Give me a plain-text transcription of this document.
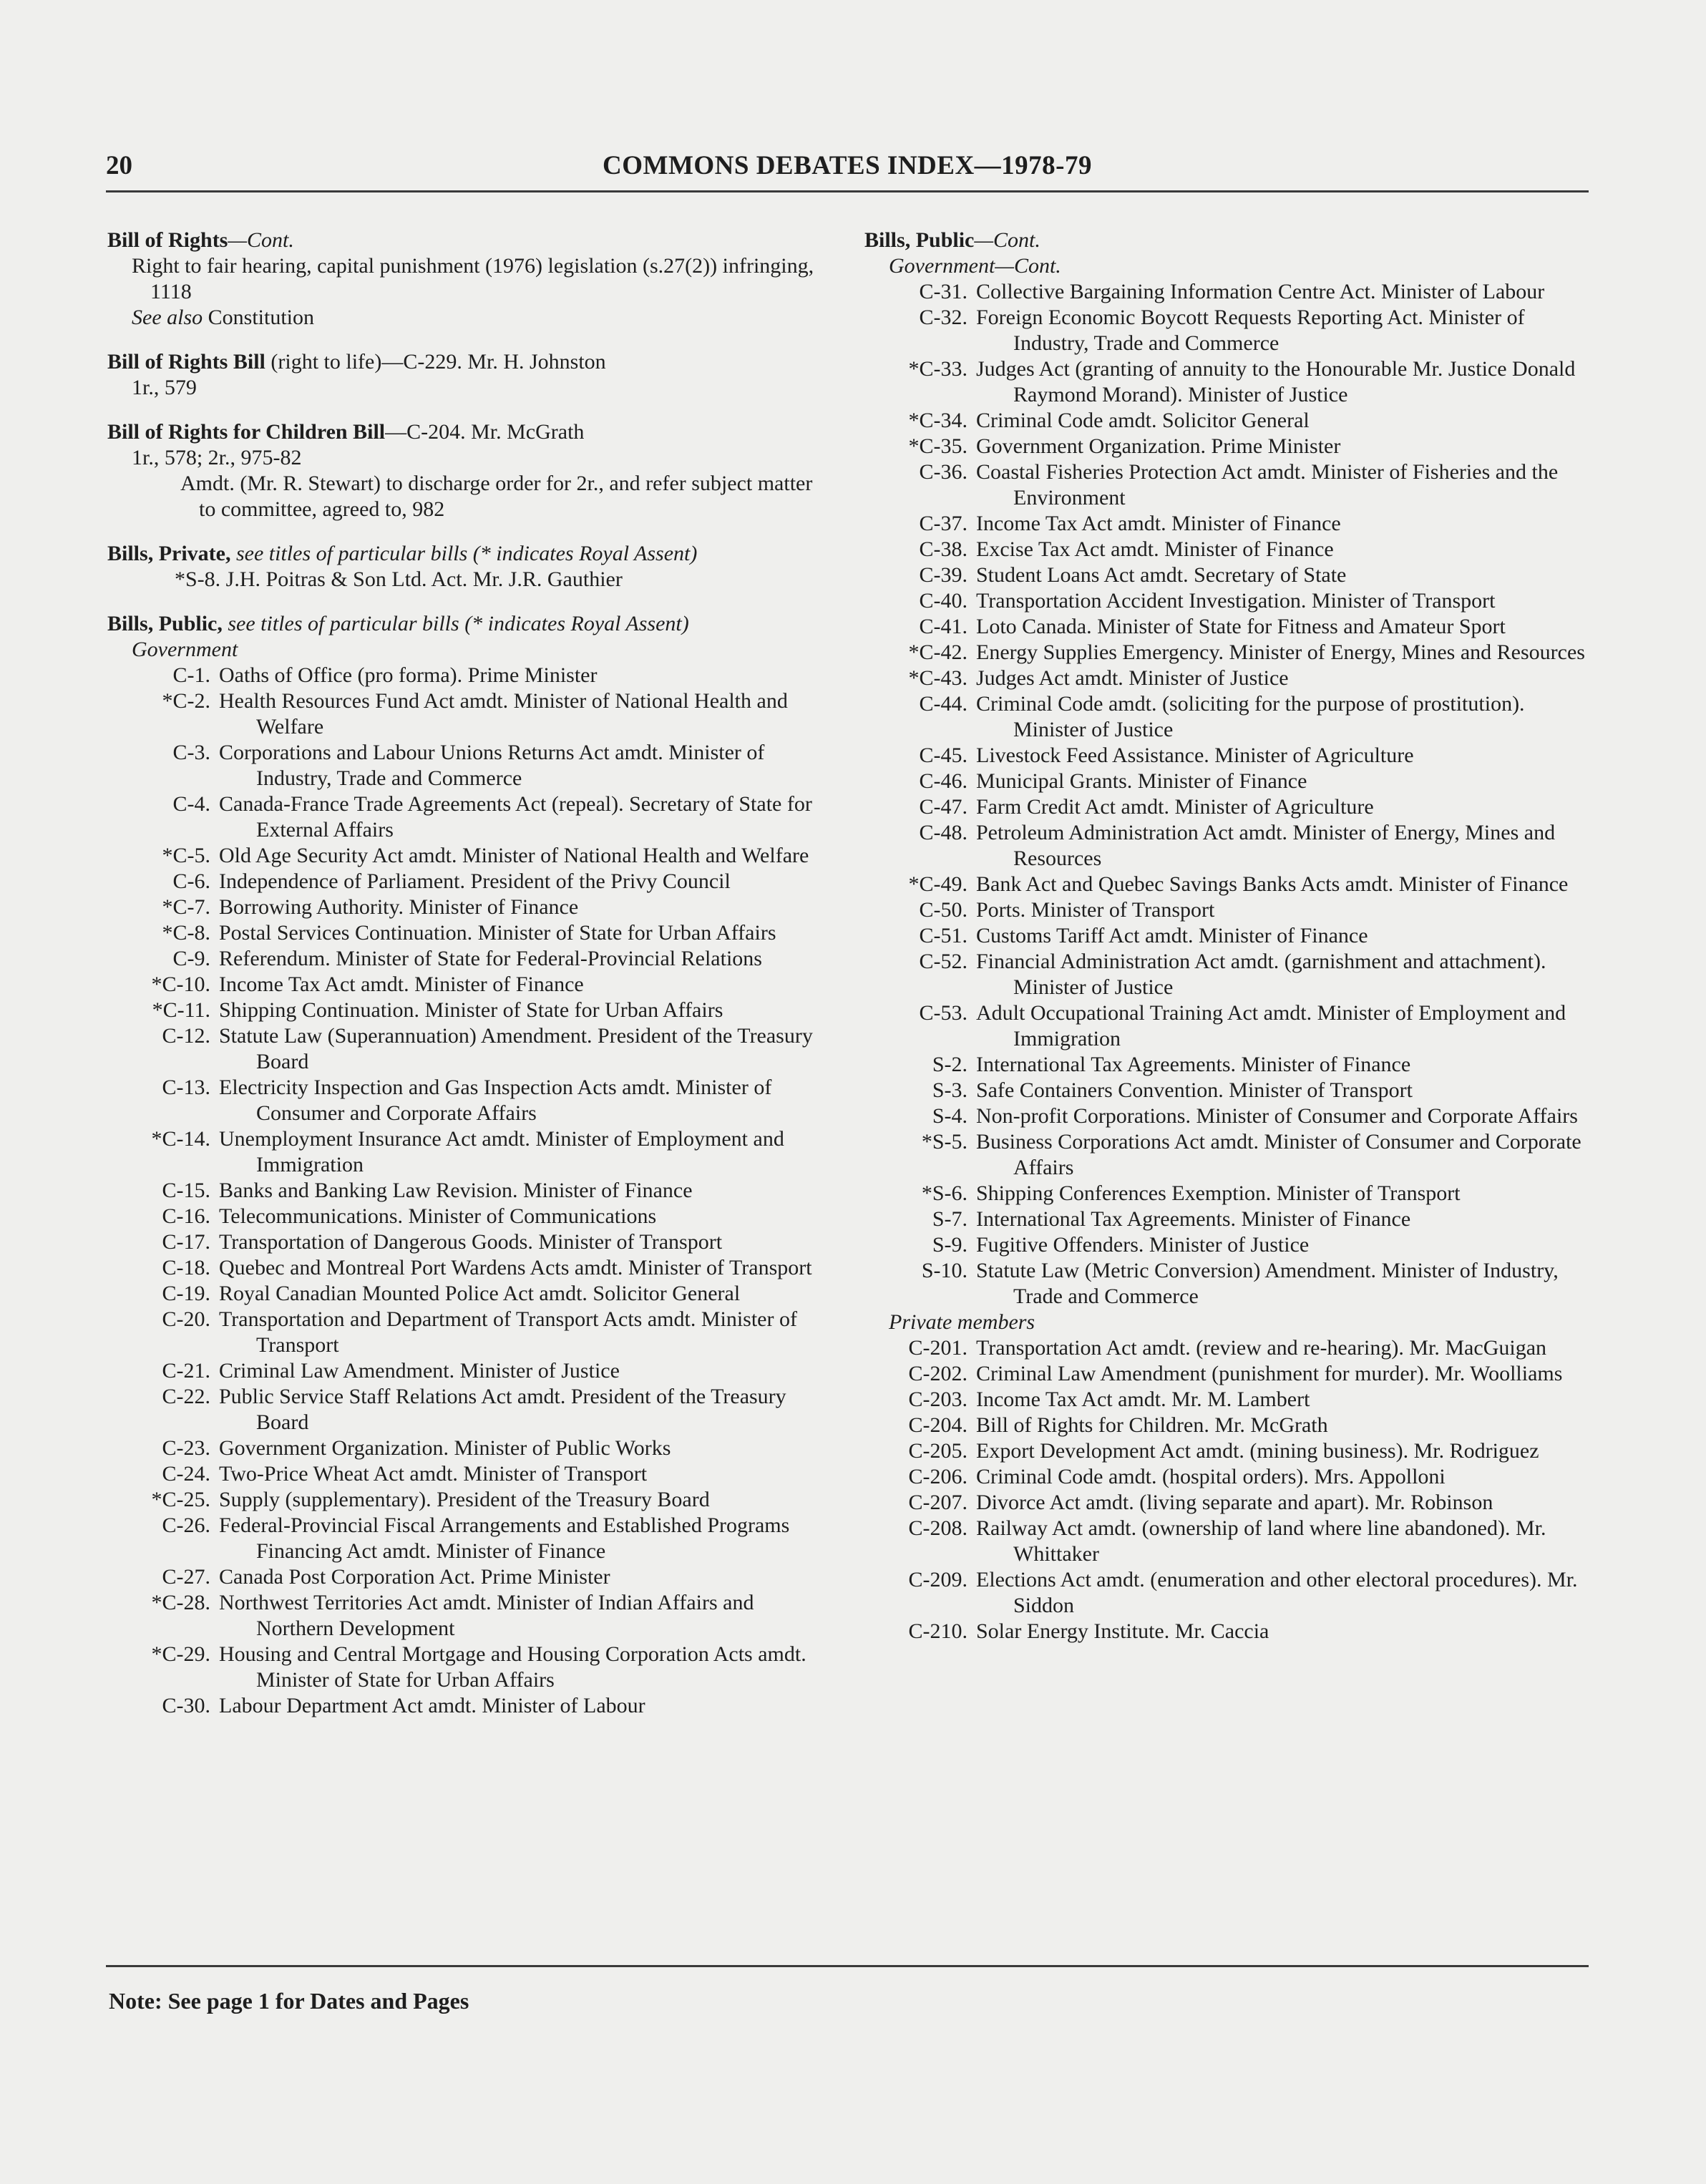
20	COMMONS DEBATES INDEX—1978-79
Bill of Rights—Cont.
Right to fair hearing, capital punishment (1976) legislation (s.27(2)) infringing, 1118
See also Constitution
Bill of Rights Bill (right to life)—C-229. Mr. H. Johnston
1r., 579
Bill of Rights for Children Bill—C-204. Mr. McGrath
1r., 578; 2r., 975-82
Amdt. (Mr. R. Stewart) to discharge order for 2r., and refer subject matter to committee, agreed to, 982
Bills, Private, see titles of particular bills (* indicates Royal Assent)
*S-8. J.H. Poitras & Son Ltd. Act. Mr. J.R. Gauthier
Bills, Public, see titles of particular bills (* indicates Royal Assent)
Government
C-1. Oaths of Office (pro forma). Prime Minister
*C-2. Health Resources Fund Act amdt. Minister of National Health and Welfare
C-3. Corporations and Labour Unions Returns Act amdt. Minister of Industry, Trade and Commerce
C-4. Canada-France Trade Agreements Act (repeal). Secretary of State for External Affairs
*C-5. Old Age Security Act amdt. Minister of National Health and Welfare
C-6. Independence of Parliament. President of the Privy Council
*C-7. Borrowing Authority. Minister of Finance
*C-8. Postal Services Continuation. Minister of State for Urban Affairs
C-9. Referendum. Minister of State for Federal-Provincial Relations
*C-10. Income Tax Act amdt. Minister of Finance
*C-11. Shipping Continuation. Minister of State for Urban Affairs
C-12. Statute Law (Superannuation) Amendment. President of the Treasury Board
C-13. Electricity Inspection and Gas Inspection Acts amdt. Minister of Consumer and Corporate Affairs
*C-14. Unemployment Insurance Act amdt. Minister of Employment and Immigration
C-15. Banks and Banking Law Revision. Minister of Finance
C-16. Telecommunications. Minister of Communications
C-17. Transportation of Dangerous Goods. Minister of Transport
C-18. Quebec and Montreal Port Wardens Acts amdt. Minister of Transport
C-19. Royal Canadian Mounted Police Act amdt. Solicitor General
C-20. Transportation and Department of Transport Acts amdt. Minister of Transport
C-21. Criminal Law Amendment. Minister of Justice
C-22. Public Service Staff Relations Act amdt. President of the Treasury Board
C-23. Government Organization. Minister of Public Works
C-24. Two-Price Wheat Act amdt. Minister of Transport
*C-25. Supply (supplementary). President of the Treasury Board
C-26. Federal-Provincial Fiscal Arrangements and Established Programs Financing Act amdt. Minister of Finance
C-27. Canada Post Corporation Act. Prime Minister
*C-28. Northwest Territories Act amdt. Minister of Indian Affairs and Northern Development
*C-29. Housing and Central Mortgage and Housing Corporation Acts amdt. Minister of State for Urban Affairs
C-30. Labour Department Act amdt. Minister of Labour
Bills, Public—Cont.
Government—Cont.
C-31. Collective Bargaining Information Centre Act. Minister of Labour
C-32. Foreign Economic Boycott Requests Reporting Act. Minister of Industry, Trade and Commerce
*C-33. Judges Act (granting of annuity to the Honourable Mr. Justice Donald Raymond Morand). Minister of Justice
*C-34. Criminal Code amdt. Solicitor General
*C-35. Government Organization. Prime Minister
C-36. Coastal Fisheries Protection Act amdt. Minister of Fisheries and the Environment
C-37. Income Tax Act amdt. Minister of Finance
C-38. Excise Tax Act amdt. Minister of Finance
C-39. Student Loans Act amdt. Secretary of State
C-40. Transportation Accident Investigation. Minister of Transport
C-41. Loto Canada. Minister of State for Fitness and Amateur Sport
*C-42. Energy Supplies Emergency. Minister of Energy, Mines and Resources
*C-43. Judges Act amdt. Minister of Justice
C-44. Criminal Code amdt. (soliciting for the purpose of prostitution). Minister of Justice
C-45. Livestock Feed Assistance. Minister of Agriculture
C-46. Municipal Grants. Minister of Finance
C-47. Farm Credit Act amdt. Minister of Agriculture
C-48. Petroleum Administration Act amdt. Minister of Energy, Mines and Resources
*C-49. Bank Act and Quebec Savings Banks Acts amdt. Minister of Finance
C-50. Ports. Minister of Transport
C-51. Customs Tariff Act amdt. Minister of Finance
C-52. Financial Administration Act amdt. (garnishment and attachment). Minister of Justice
C-53. Adult Occupational Training Act amdt. Minister of Employment and Immigration
S-2. International Tax Agreements. Minister of Finance
S-3. Safe Containers Convention. Minister of Transport
S-4. Non-profit Corporations. Minister of Consumer and Corporate Affairs
*S-5. Business Corporations Act amdt. Minister of Consumer and Corporate Affairs
*S-6. Shipping Conferences Exemption. Minister of Transport
S-7. International Tax Agreements. Minister of Finance
S-9. Fugitive Offenders. Minister of Justice
S-10. Statute Law (Metric Conversion) Amendment. Minister of Industry, Trade and Commerce
Private members
C-201. Transportation Act amdt. (review and re-hearing). Mr. MacGuigan
C-202. Criminal Law Amendment (punishment for murder). Mr. Woolliams
C-203. Income Tax Act amdt. Mr. M. Lambert
C-204. Bill of Rights for Children. Mr. McGrath
C-205. Export Development Act amdt. (mining business). Mr. Rodriguez
C-206. Criminal Code amdt. (hospital orders). Mrs. Appolloni
C-207. Divorce Act amdt. (living separate and apart). Mr. Robinson
C-208. Railway Act amdt. (ownership of land where line abandoned). Mr. Whittaker
C-209. Elections Act amdt. (enumeration and other electoral procedures). Mr. Siddon
C-210. Solar Energy Institute. Mr. Caccia
Note: See page 1 for Dates and Pages
